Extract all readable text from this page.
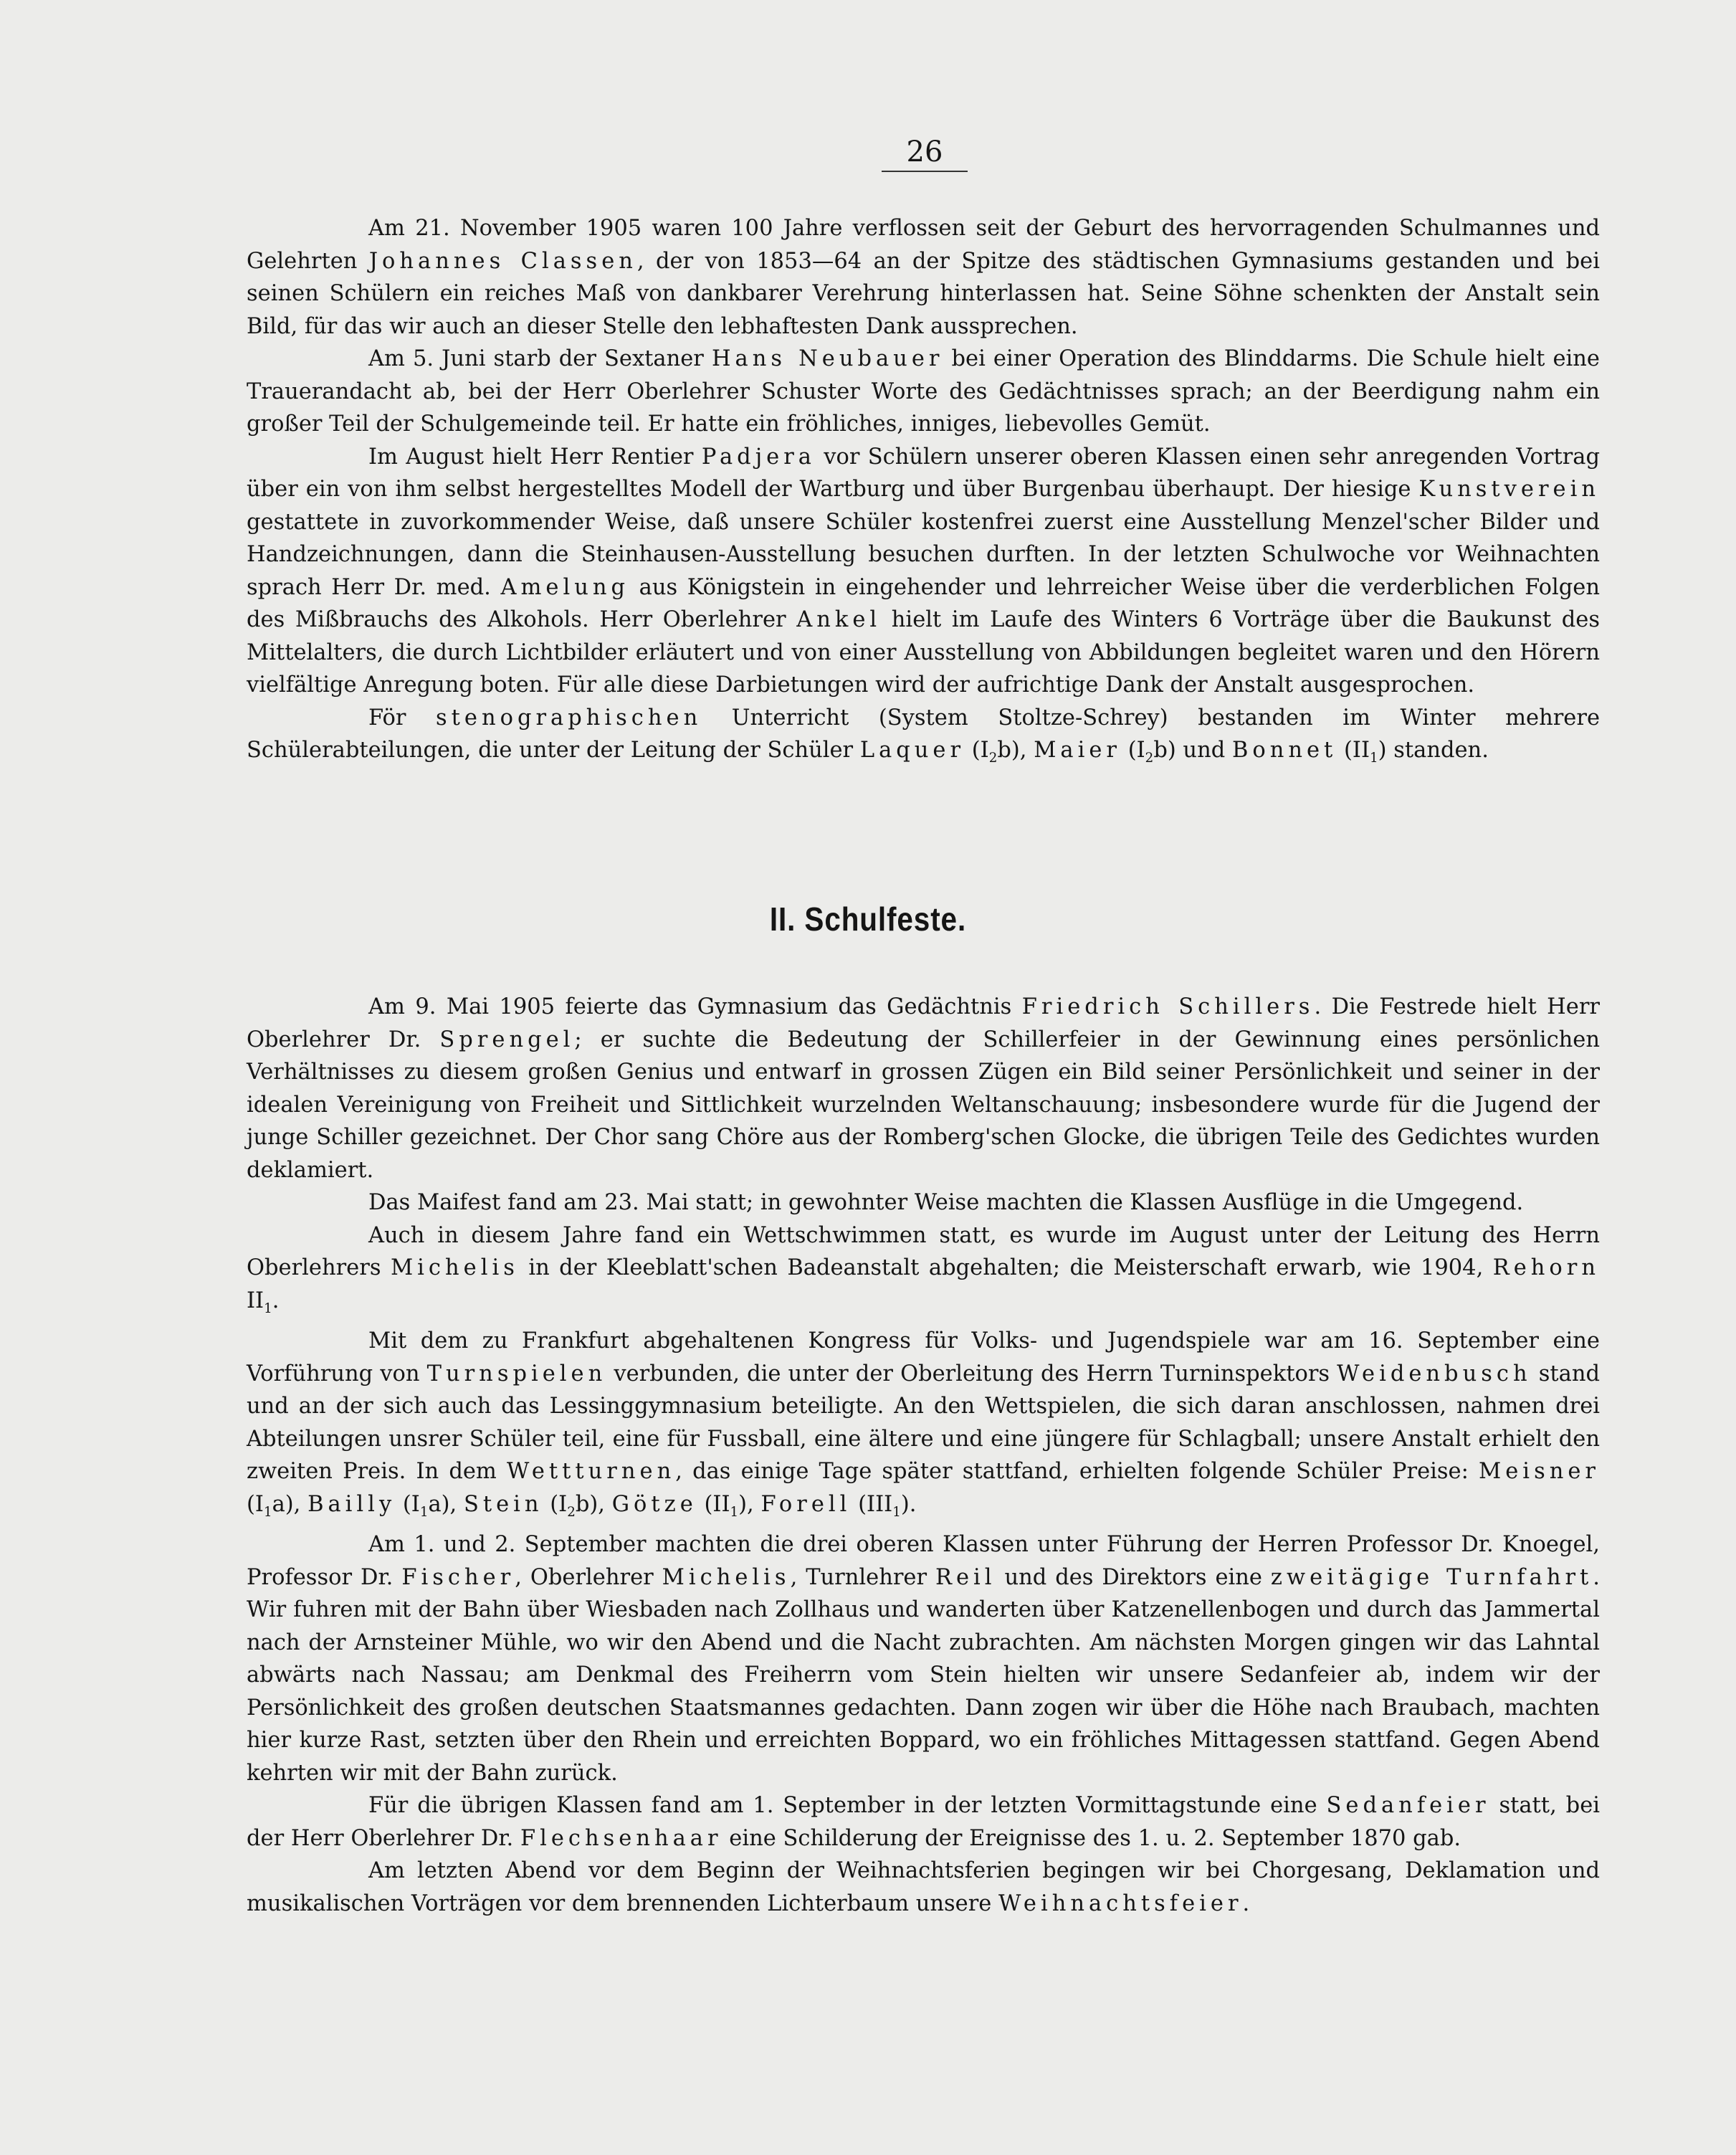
26

Am 21. November 1905 waren 100 Jahre verflossen seit der Geburt des hervorragenden Schulmannes und Gelehrten Johannes Classen, der von 1853—64 an der Spitze des städtischen Gymnasiums gestanden und bei seinen Schülern ein reiches Maß von dankbarer Verehrung hinterlassen hat. Seine Söhne schenkten der Anstalt sein Bild, für das wir auch an dieser Stelle den lebhaftesten Dank aussprechen.

Am 5. Juni starb der Sextaner Hans Neubauer bei einer Operation des Blinddarms. Die Schule hielt eine Trauerandacht ab, bei der Herr Oberlehrer Schuster Worte des Gedächtnisses sprach; an der Beerdigung nahm ein großer Teil der Schulgemeinde teil. Er hatte ein fröhliches, inniges, liebevolles Gemüt.

Im August hielt Herr Rentier Padjera vor Schülern unserer oberen Klassen einen sehr anregenden Vortrag über ein von ihm selbst hergestelltes Modell der Wartburg und über Burgenbau überhaupt. Der hiesige Kunstverein gestattete in zuvorkommender Weise, daß unsere Schüler kostenfrei zuerst eine Ausstellung Menzel'scher Bilder und Handzeichnungen, dann die Steinhausen-Ausstellung besuchen durften. In der letzten Schulwoche vor Weihnachten sprach Herr Dr. med. Amelung aus Königstein in eingehender und lehrreicher Weise über die verderblichen Folgen des Mißbrauchs des Alkohols. Herr Oberlehrer Ankel hielt im Laufe des Winters 6 Vorträge über die Baukunst des Mittelalters, die durch Lichtbilder erläutert und von einer Ausstellung von Abbildungen begleitet waren und den Hörern vielfältige Anregung boten. Für alle diese Darbietungen wird der aufrichtige Dank der Anstalt ausgesprochen.

För stenographischen Unterricht (System Stoltze-Schrey) bestanden im Winter mehrere Schülerabteilungen, die unter der Leitung der Schüler Laquer $(I_2b)$, Maier $(I_2b)$ und Bonnet $(II_1)$ standen.

II. Schulfeste.

Am 9. Mai 1905 feierte das Gymnasium das Gedächtnis Friedrich Schillers. Die Festrede hielt Herr Oberlehrer Dr. Sprengel; er suchte die Bedeutung der Schillerfeier in der Gewinnung eines persönlichen Verhältnisses zu diesem großen Genius und entwarf in grossen Zügen ein Bild seiner Persönlichkeit und seiner in der idealen Vereinigung von Freiheit und Sittlichkeit wurzelnden Weltanschauung; insbesondere wurde für die Jugend der junge Schiller gezeichnet. Der Chor sang Chöre aus der Romberg'schen Glocke, die übrigen Teile des Gedichtes wurden deklamiert.

Das Maifest fand am 23. Mai statt; in gewohnter Weise machten die Klassen Ausflüge in die Umgegend.

Auch in diesem Jahre fand ein Wettschwimmen statt, es wurde im August unter der Leitung des Herrn Oberlehrers Michelis in der Kleeblatt'schen Badeanstalt abgehalten; die Meisterschaft erwarb, wie 1904, Rehorn $II_1$.

Mit dem zu Frankfurt abgehaltenen Kongress für Volks- und Jugendspiele war am 16. September eine Vorführung von Turnspielen verbunden, die unter der Oberleitung des Herrn Turninspektors Weidenbusch stand und an der sich auch das Lessinggymnasium beteiligte. An den Wettspielen, die sich daran anschlossen, nahmen drei Abteilungen unsrer Schüler teil, eine für Fussball, eine ältere und eine jüngere für Schlagball; unsere Anstalt erhielt den zweiten Preis. In dem Wettturnen, das einige Tage später stattfand, erhielten folgende Schüler Preise: Meisner $(I_1a)$, Bailly $(I_1a)$, Stein $(I_2b)$, Götze $(II_1)$, Forell $(III_1)$.

Am 1. und 2. September machten die drei oberen Klassen unter Führung der Herren Professor Dr. Knoegel, Professor Dr. Fischer, Oberlehrer Michelis, Turnlehrer Reil und des Direktors eine zweitägige Turnfahrt. Wir fuhren mit der Bahn über Wiesbaden nach Zollhaus und wanderten über Katzenellenbogen und durch das Jammertal nach der Arnsteiner Mühle, wo wir den Abend und die Nacht zubrachten. Am nächsten Morgen gingen wir das Lahntal abwärts nach Nassau; am Denkmal des Freiherrn vom Stein hielten wir unsere Sedanfeier ab, indem wir der Persönlichkeit des großen deutschen Staatsmannes gedachten. Dann zogen wir über die Höhe nach Braubach, machten hier kurze Rast, setzten über den Rhein und erreichten Boppard, wo ein fröhliches Mittagessen stattfand. Gegen Abend kehrten wir mit der Bahn zurück.

Für die übrigen Klassen fand am 1. September in der letzten Vormittagstunde eine Sedanfeier statt, bei der Herr Oberlehrer Dr. Flechsenhaar eine Schilderung der Ereignisse des 1. u. 2. September 1870 gab.

Am letzten Abend vor dem Beginn der Weihnachtsferien begingen wir bei Chorgesang, Deklamation und musikalischen Vorträgen vor dem brennenden Lichterbaum unsere Weihnachtsfeier.
